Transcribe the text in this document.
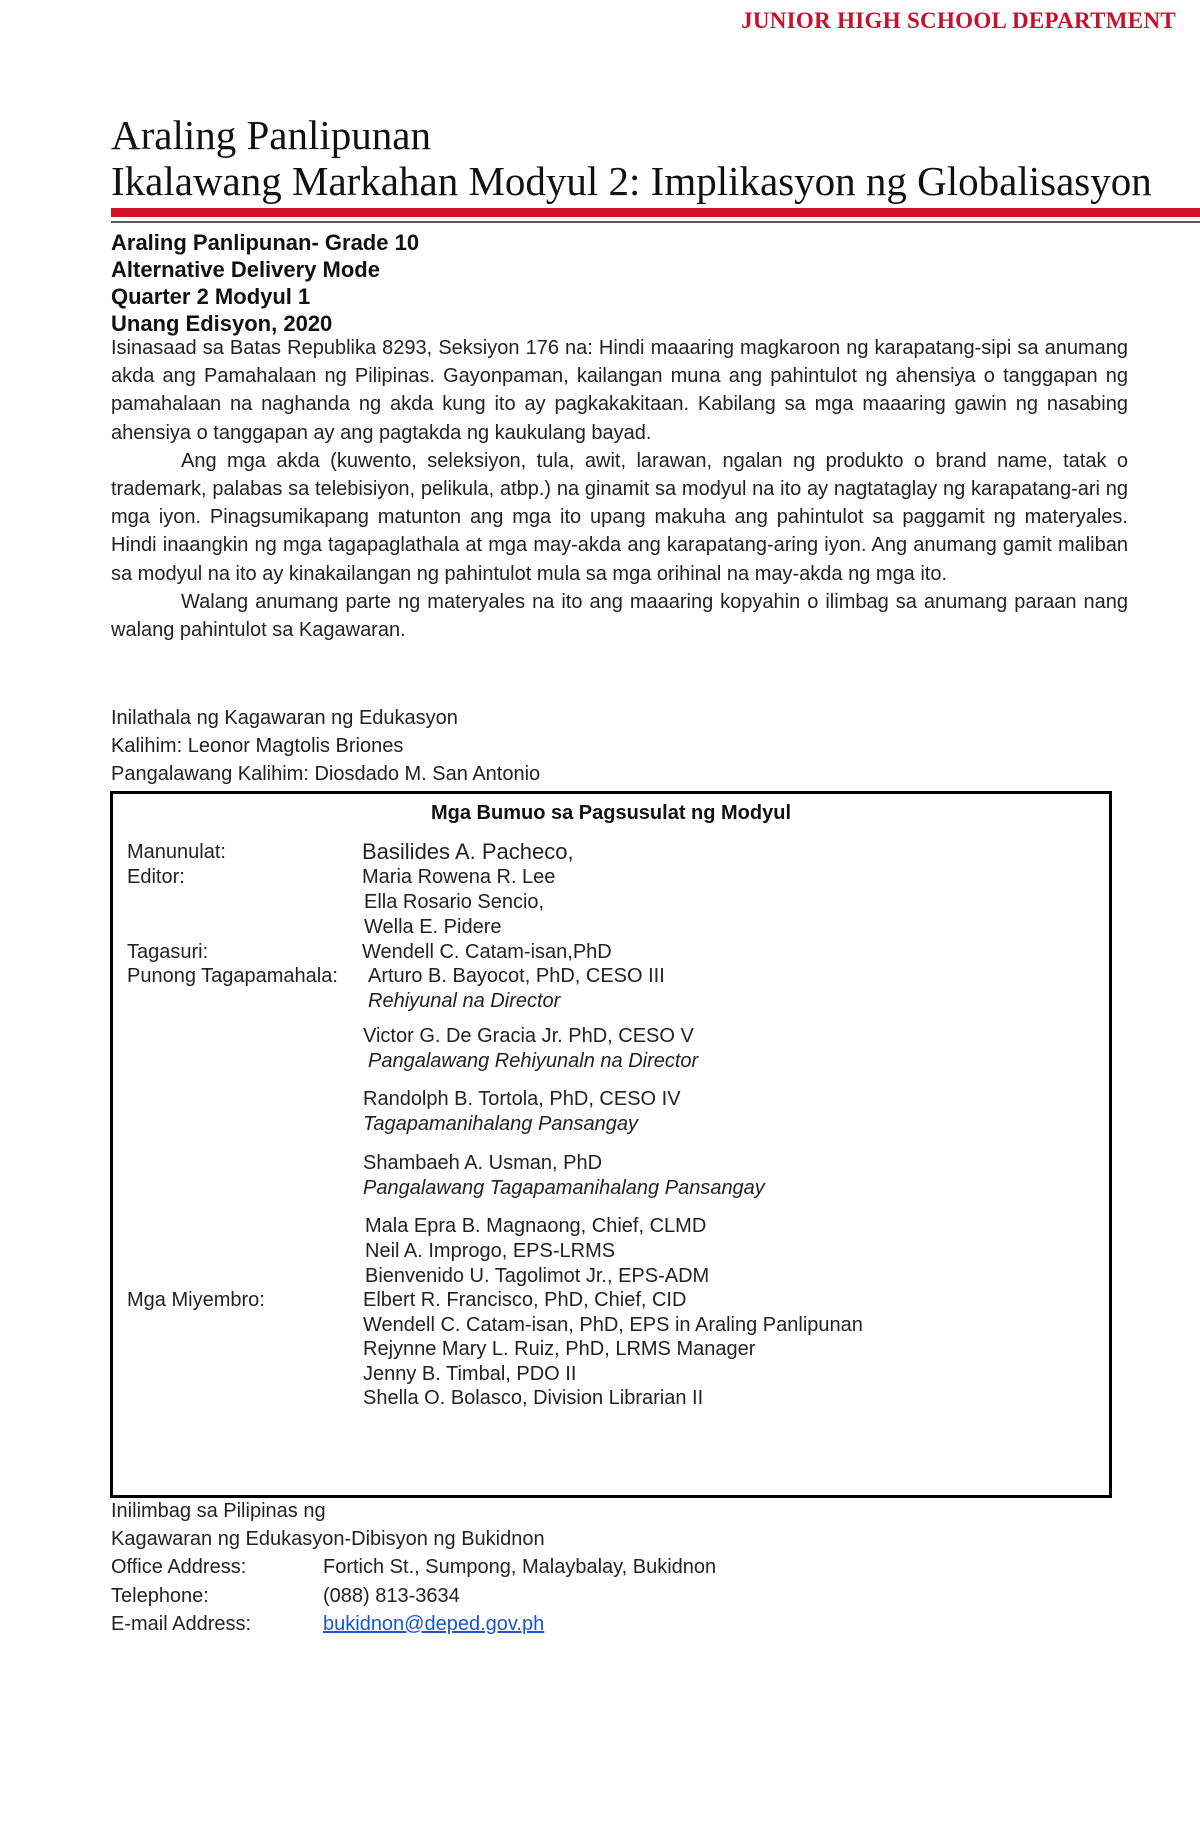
JUNIOR HIGH SCHOOL DEPARTMENT
Araling Panlipunan
Ikalawang Markahan Modyul 2: Implikasyon ng Globalisasyon
Araling Panlipunan- Grade 10
Alternative Delivery Mode
Quarter 2 Modyul 1
Unang Edisyon, 2020

Isinasaad sa Batas Republika 8293, Seksiyon 176 na: Hindi maaaring magkaroon ng karapatang-sipi sa anumang akda ang Pamahalaan ng Pilipinas. Gayonpaman, kailangan muna ang pahintulot ng ahensiya o tanggapan ng pamahalaan na naghanda ng akda kung ito ay pagkakakitaan. Kabilang sa mga maaaring gawin ng nasabing ahensiya o tanggapan ay ang pagtakda ng kaukulang bayad.

Ang mga akda (kuwento, seleksiyon, tula, awit, larawan, ngalan ng produkto o brand name, tatak o trademark, palabas sa telebisiyon, pelikula, atbp.) na ginamit sa modyul na ito ay nagtataglay ng karapatang-ari ng mga iyon. Pinagsumikapang matunton ang mga ito upang makuha ang pahintulot sa paggamit ng materyales. Hindi inaangkin ng mga tagapaglathala at mga may-akda ang karapatang-aring iyon. Ang anumang gamit maliban sa modyul na ito ay kinakailangan ng pahintulot mula sa mga orihinal na may-akda ng mga ito.

Walang anumang parte ng materyales na ito ang maaaring kopyahin o ilimbag sa anumang paraan nang walang pahintulot sa Kagawaran.

Inilathala ng Kagawaran ng Edukasyon
Kalihim: Leonor Magtolis Briones
Pangalawang Kalihim: Diosdado M. San Antonio
Mga Bumuo sa Pagsusulat ng Modyul
Manunulat:	Basilides A. Pacheco,
Editor:	Maria Rowena R. Lee
Ella Rosario Sencio,
Wella E. Pidere
Tagasuri:	Wendell C. Catam-isan,PhD
Punong Tagapamahala: Arturo B. Bayocot, PhD, CESO III
Rehiyunal na Director
Victor G. De Gracia Jr. PhD, CESO V
Pangalawang Rehiyunaln na Director
Randolph B. Tortola, PhD, CESO IV
Tagapamanihalang Pansangay
Shambaeh A. Usman, PhD
Pangalawang Tagapamanihalang Pansangay
Mala Epra B. Magnaong, Chief, CLMD
Neil A. Improgo, EPS-LRMS
Bienvenido U. Tagolimot Jr., EPS-ADM
Mga Miyembro:	Elbert R. Francisco, PhD, Chief, CID
Wendell C. Catam-isan, PhD, EPS in Araling Panlipunan
Rejynne Mary L. Ruiz, PhD, LRMS Manager
Jenny B. Timbal, PDO II
Shella O. Bolasco, Division Librarian II
Inilimbag sa Pilipinas ng
Kagawaran ng Edukasyon-Dibisyon ng Bukidnon
Office Address:	Fortich St., Sumpong, Malaybalay, Bukidnon
Telephone:	(088) 813-3634
E-mail Address:	bukidnon@deped.gov.ph
